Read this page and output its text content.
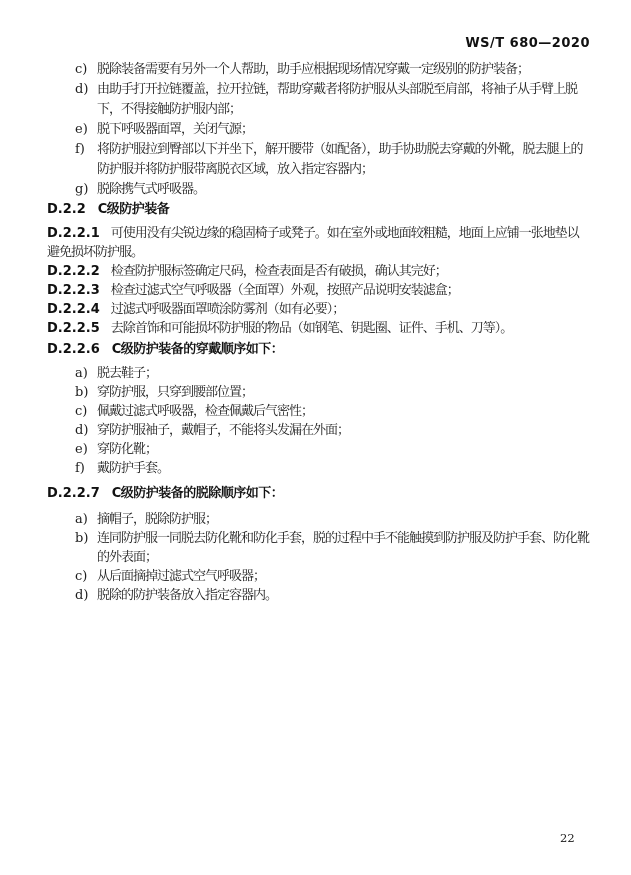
WS/T 680—2020
c) 脱除装备需要有另外一个人帮助，助手应根据现场情况穿戴一定级别的防护装备；
d) 由助手打开拉链覆盖，拉开拉链，帮助穿戴者将防护服从头部脱至肩部，将袖子从手臂上脱下，不得接触防护服内部；
e) 脱下呼吸器面罩，关闭气源；
f) 将防护服拉到臀部以下并坐下，解开腰带（如配备），助手协助脱去穿戴的外靴，脱去腿上的防护服并将防护服带离脱衣区域，放入指定容器内；
g) 脱除携气式呼吸器。
D.2.2 C级防护装备

D.2.2.1 可使用没有尖锐边缘的稳固椅子或凳子。如在室外或地面较粗糙，地面上应铺一张地垫以避免损坏防护服。

D.2.2.2 检查防护服标签确定尺码，检查表面是否有破损，确认其完好；

D.2.2.3 检查过滤式空气呼吸器（全面罩）外观，按照产品说明安装滤盒；

D.2.2.4 过滤式呼吸器面罩喷涂防雾剂（如有必要）；

D.2.2.5 去除首饰和可能损坏防护服的物品（如钢笔、钥匙圈、证件、手机、刀等）。

D.2.2.6 C级防护装备的穿戴顺序如下：
a) 脱去鞋子；
b) 穿防护服，只穿到腰部位置；
c) 佩戴过滤式呼吸器，检查佩戴后气密性；
d) 穿防护服袖子，戴帽子，不能将头发漏在外面；
e) 穿防化靴；
f) 戴防护手套。
D.2.2.7 C级防护装备的脱除顺序如下：
a) 摘帽子，脱除防护服；
b) 连同防护服一同脱去防化靴和防化手套，脱的过程中手不能触摸到防护服及防护手套、防化靴的外表面；
c) 从后面摘掉过滤式空气呼吸器；
d) 脱除的防护装备放入指定容器内。
22
